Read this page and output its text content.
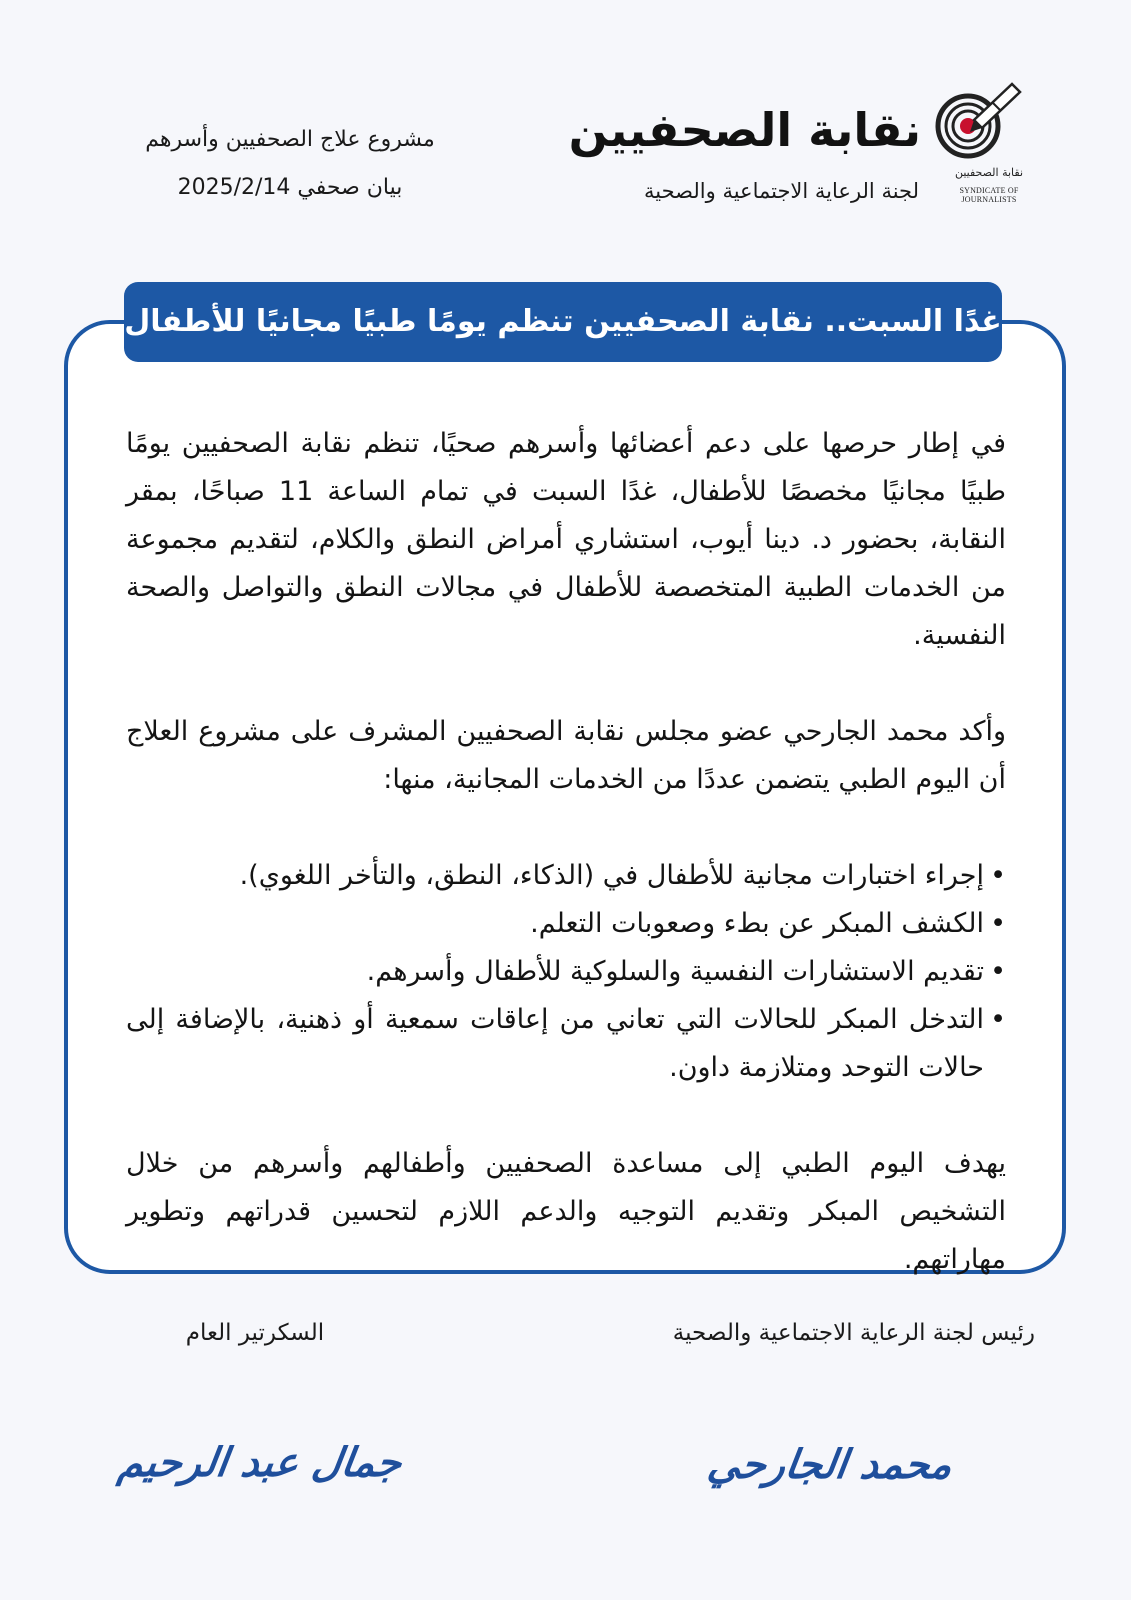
نقابة الصحفيين
SYNDICATE OF JOURNALISTS
نقابة الصحفيين
لجنة الرعاية الاجتماعية والصحية
مشروع علاج الصحفيين وأسرهم
بيان صحفي 2025/2/14
غدًا السبت.. نقابة الصحفيين تنظم يومًا طبيًا مجانيًا للأطفال

في إطار حرصها على دعم أعضائها وأسرهم صحيًا، تنظم نقابة الصحفيين يومًا طبيًا مجانيًا مخصصًا للأطفال، غدًا السبت في تمام الساعة 11 صباحًا، بمقر النقابة، بحضور د. دينا أيوب، استشاري أمراض النطق والكلام، لتقديم مجموعة من الخدمات الطبية المتخصصة للأطفال في مجالات النطق والتواصل والصحة النفسية.

وأكد محمد الجارحي عضو مجلس نقابة الصحفيين المشرف على مشروع العلاج أن اليوم الطبي يتضمن عددًا من الخدمات المجانية، منها:

•
إجراء اختبارات مجانية للأطفال في (الذكاء، النطق، والتأخر اللغوي).
•
الكشف المبكر عن بطء وصعوبات التعلم.
•
تقديم الاستشارات النفسية والسلوكية للأطفال وأسرهم.
•
التدخل المبكر للحالات التي تعاني من إعاقات سمعية أو ذهنية، بالإضافة إلى حالات التوحد ومتلازمة داون.

يهدف اليوم الطبي إلى مساعدة الصحفيين وأطفالهم وأسرهم من خلال التشخيص المبكر وتقديم التوجيه والدعم اللازم لتحسين قدراتهم وتطوير مهاراتهم.

رئيس لجنة الرعاية الاجتماعية والصحية
السكرتير العام
محمد الجارحي
جمال عبد الرحيم
